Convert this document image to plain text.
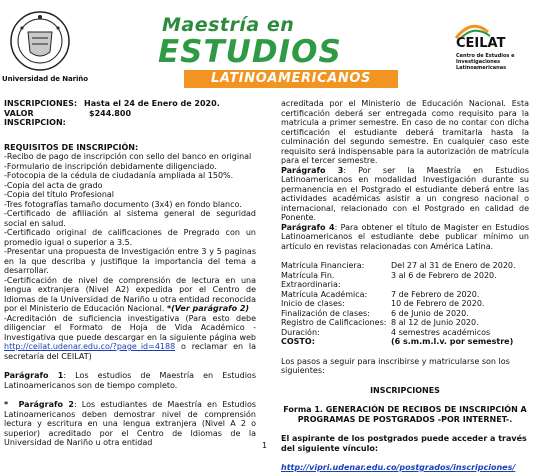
Universidad de Nariño
Maestría en
ESTUDIOS
LATINOAMERICANOS
CEILAT
Centro de Estudios e Investigaciones Latinoamericanas
INSCRIPCIONES: Hasta el 24 de Enero de 2020.
VALOR INSCRIPCION:
$244.800
REQUISITOS DE INSCRIPCIÓN:
-Recibo de pago de inscripción con sello del banco en original
-Formulario de inscripción debidamente diligenciado.
-Fotocopia de la cédula de ciudadanía ampliada al 150%.
-Copia del acta de grado
-Copia del título Profesional
-Tres fotografías tamaño documento (3x4) en fondo blanco.
-Certificado de afiliación al sistema general de seguridad social en salud.
-Certificado original de calificaciones de Pregrado con un promedio igual o superior a 3.5.
-Presentar una propuesta de Investigación entre 3 y 5 paginas en la que describa y justifique la importancia del tema a desarrollar.
-Certificación de nivel de comprensión de lectura en una lengua extranjera (Nivel A2) expedida por el Centro de Idiomas de la Universidad de Nariño u otra entidad reconocida por el Ministerio de Educación Nacional. *(Ver parágrafo 2)
-Acreditación de suficiencia investigativa (Para esto debe diligenciar el Formato de Hoja de Vida Académico - Investigativa que puede descargar en la siguiente página web http://ceilat.udenar.edu.co/?page_id=4188 o reclamar en la secretaría del CEILAT)

Parágrafo 1: Los estudios de Maestría en Estudios Latinoamericanos son de tiempo completo.

* Parágrafo 2: Los estudiantes de Maestría en Estudios Latinoamericanos deben demostrar nivel de comprensión lectura y escritura en una lengua extranjera (Nivel A 2 o superior) acreditado por el Centro de Idiomas de la Universidad de Nariño u otra entidad

acreditada por el Ministerio de Educación Nacional. Esta certificación deberá ser entregada como requisito para la matricula a primer semestre. En caso de no contar con dicha certificación el estudiante deberá tramitarla hasta la culminación del segundo semestre. En cualquier caso este requisito será indispensable para la autorización de matrícula para el tercer semestre.

Parágrafo 3: Por ser la Maestría en Estudios Latinoamericanos en modalidad Investigación durante su permanencia en el Postgrado el estudiante deberá entre las actividades académicas asistir a un congreso nacional o internacional, relacionado con el Postgrado en calidad de Ponente.

Parágrafo 4: Para obtener el título de Magister en Estudios Latinoamericanos el estudiante debe publicar mínimo un artículo en revistas relacionadas con América Latina.

Matrícula Financiera:	Del 27 al 31 de Enero de 2020.
Matrícula Fin. Extraordinaria:
3 al 6 de Febrero de 2020.
Matrícula Académica:	7 de Febrero de 2020.
Inicio de clases:	10 de Febrero de 2020.
Finalización de clases:	6 de Junio de 2020.
Registro de Calificaciones: 8 al 12 de Junio 2020.
Duración:	4 semestres académicos
COSTO:	(6 s.m.m.l.v. por semestre)

Los pasos a seguir para inscribirse y matricularse son los siguientes:

INSCRIPCIONES

Forma 1. GENERACIÓN DE RECIBOS DE INSCRIPCIÓN A PROGRAMAS DE POSTGRADOS -POR INTERNET-.

El aspirante de los postgrados puede acceder a través del siguiente vínculo:

http://vipri.udenar.edu.co/postgrados/inscripciones/

1
